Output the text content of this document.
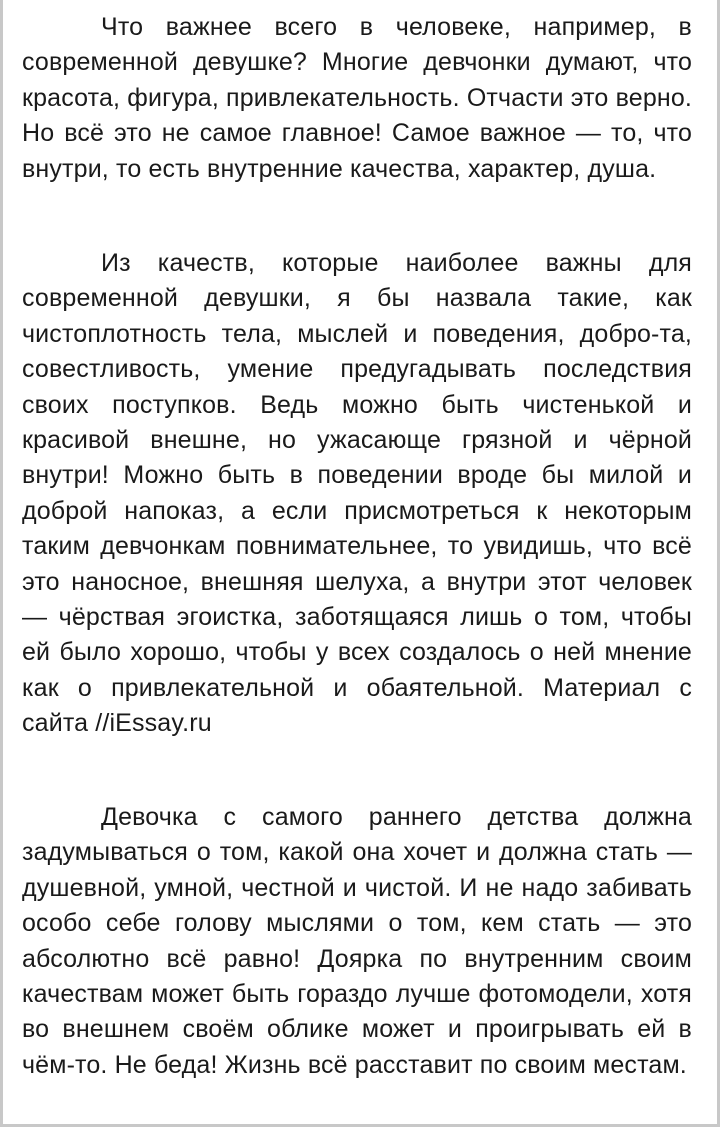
Что важнее всего в человеке, например, в современной девушке? Многие девчонки думают, что красота, фигура, привлекательность. Отчасти это верно. Но всё это не самое главное! Самое важное — то, что внутри, то есть внутренние качества, характер, душа.

Из качеств, которые наиболее важны для современной девушки, я бы назвала такие, как чистоплотность тела, мыслей и поведения, добро-та, совестливость, умение предугадывать последствия своих поступков. Ведь можно быть чистенькой и красивой внешне, но ужасающе грязной и чёрной внутри! Можно быть в поведении вроде бы милой и доброй напоказ, а если присмотреться к некоторым таким девчонкам повнимательнее, то увидишь, что всё это наносное, внешняя шелуха, а внутри этот человек — чёрствая эгоистка, заботящаяся лишь о том, чтобы ей было хорошо, чтобы у всех создалось о ней мнение как о привлекательной и обаятельной. Материал с сайта //iEssay.ru

Девочка с самого раннего детства должна задумываться о том, какой она хочет и должна стать — душевной, умной, честной и чистой. И не надо забивать особо себе голову мыслями о том, кем стать — это абсолютно всё равно! Доярка по внутренним своим качествам может быть гораздо лучше фотомодели, хотя во внешнем своём облике может и проигрывать ей в чём-то. Не беда! Жизнь всё расставит по своим местам.
